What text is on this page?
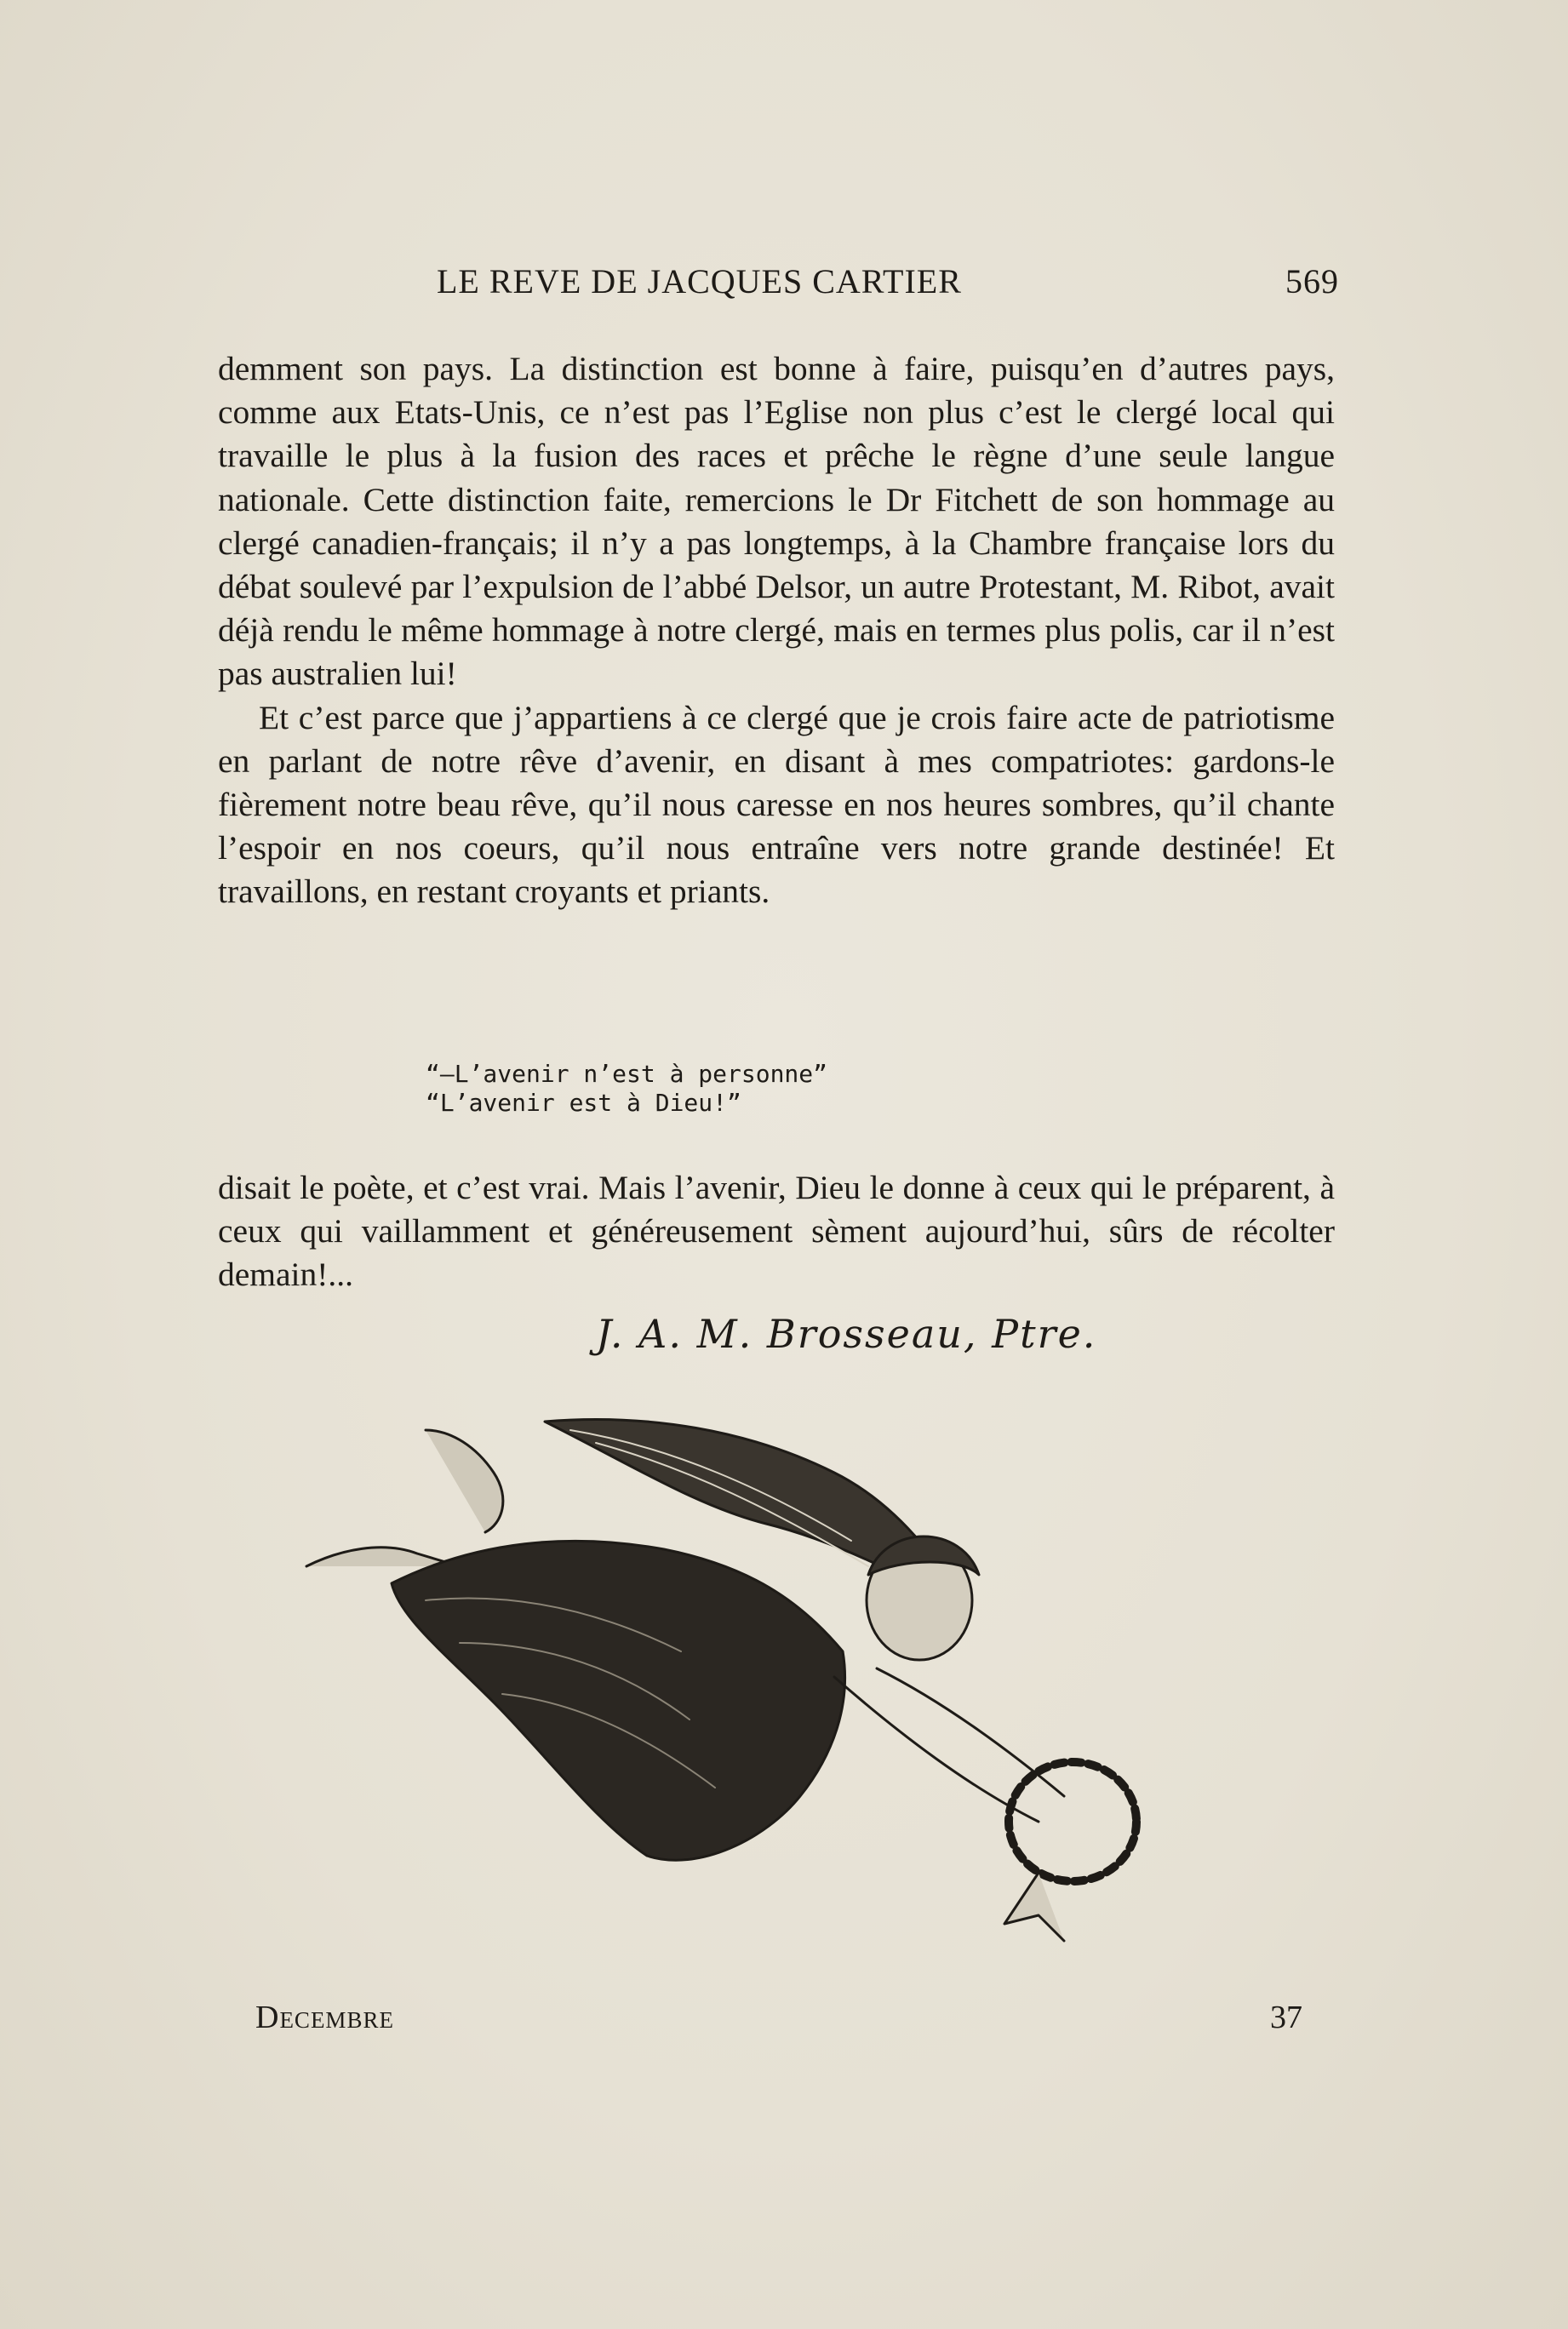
LE REVE DE JACQUES CARTIER	569

demment son pays. La distinction est bonne à faire, puisqu’en d’autres pays, comme aux Etats-Unis, ce n’est pas l’Eglise non plus c’est le clergé local qui travaille le plus à la fusion des races et prêche le règne d’une seule langue nationale. Cette distinction faite, remercions le Dr Fitchett de son hommage au clergé canadien-français; il n’y a pas longtemps, à la Chambre française lors du débat soulevé par l’expulsion de l’abbé Delsor, un autre Protestant, M. Ribot, avait déjà rendu le même hommage à notre clergé, mais en termes plus polis, car il n’est pas australien lui!

Et c’est parce que j’appartiens à ce clergé que je crois faire acte de patriotisme en parlant de notre rêve d’avenir, en disant à mes compatriotes: gardons-le fièrement notre beau rêve, qu’il nous caresse en nos heures sombres, qu’il chante l’espoir en nos coeurs, qu’il nous entraîne vers notre grande destinée! Et travaillons, en restant croyants et priants.

“—L’avenir n’est à personne”
“L’avenir est à Dieu!”
disait le poète, et c’est vrai. Mais l’avenir, Dieu le donne à ceux qui le préparent, à ceux qui vaillamment et généreusement sèment aujourd’hui, sûrs de récolter demain!...
J. A. M. Brosseau, Ptre.
Decembre	37
